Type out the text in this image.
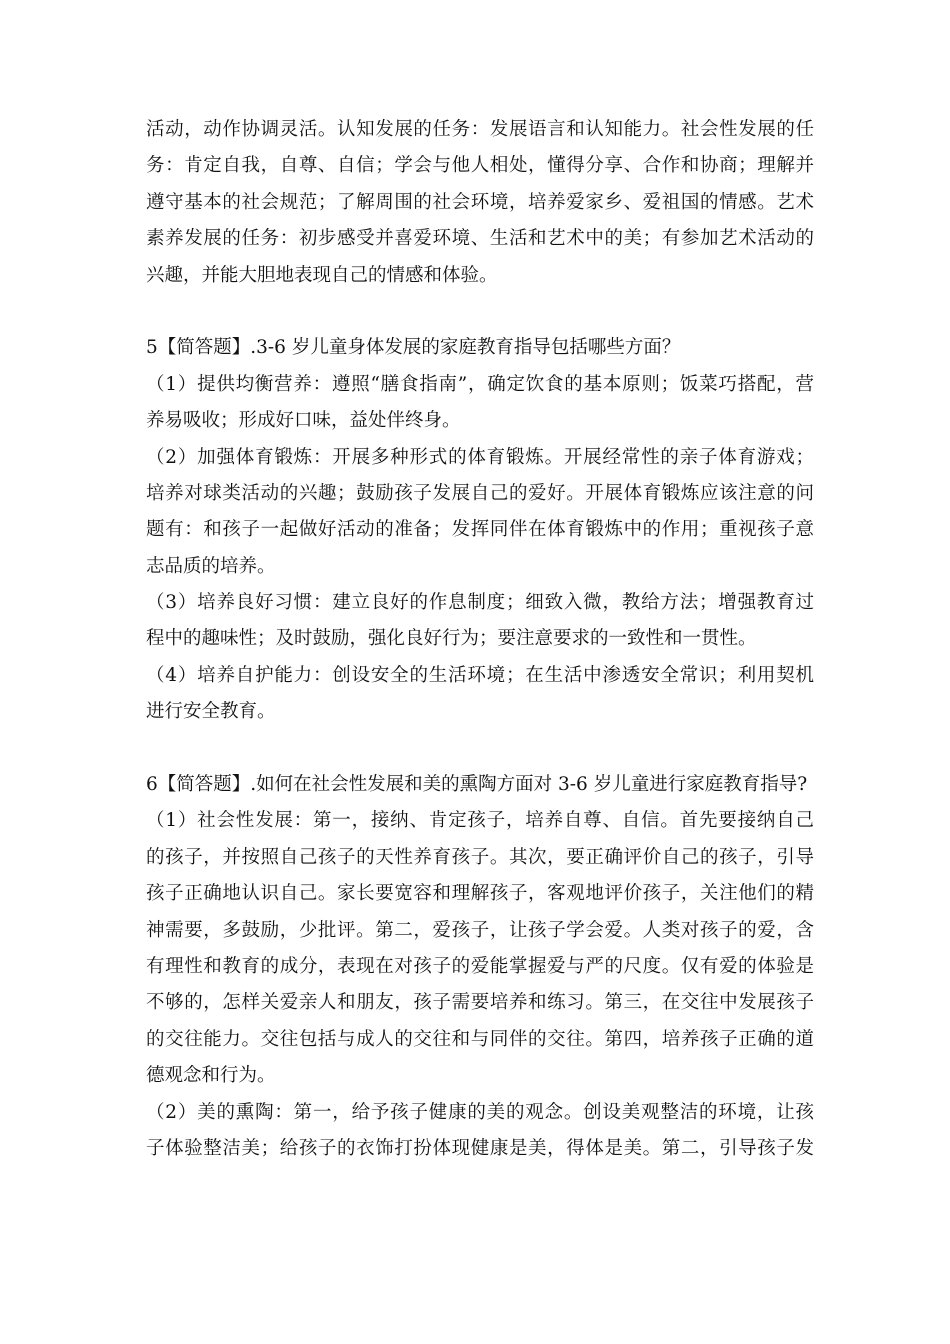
活动，动作协调灵活。认知发展的任务：发展语言和认知能力。社会性发展的任
务：肯定自我，自尊、自信；学会与他人相处，懂得分享、合作和协商；理解并
遵守基本的社会规范；了解周围的社会环境，培养爱家乡、爱祖国的情感。艺术
素养发展的任务：初步感受并喜爱环境、生活和艺术中的美；有参加艺术活动的
兴趣，并能大胆地表现自己的情感和体验。
5【简答题】.3-6 岁儿童身体发展的家庭教育指导包括哪些方面？
（1）提供均衡营养：遵照“膳食指南”，确定饮食的基本原则；饭菜巧搭配，营
养易吸收；形成好口味，益处伴终身。
（2）加强体育锻炼：开展多种形式的体育锻炼。开展经常性的亲子体育游戏；
培养对球类活动的兴趣；鼓励孩子发展自己的爱好。开展体育锻炼应该注意的问
题有：和孩子一起做好活动的准备；发挥同伴在体育锻炼中的作用；重视孩子意
志品质的培养。
（3）培养良好习惯：建立良好的作息制度；细致入微，教给方法；增强教育过
程中的趣味性；及时鼓励，强化良好行为；要注意要求的一致性和一贯性。
（4）培养自护能力：创设安全的生活环境；在生活中渗透安全常识；利用契机
进行安全教育。
6【简答题】.如何在社会性发展和美的熏陶方面对 3-6 岁儿童进行家庭教育指导?
（1）社会性发展：第一，接纳、肯定孩子，培养自尊、自信。首先要接纳自己
的孩子，并按照自己孩子的天性养育孩子。其次，要正确评价自己的孩子，引导
孩子正确地认识自己。家长要宽容和理解孩子，客观地评价孩子，关注他们的精
神需要，多鼓励，少批评。第二，爱孩子，让孩子学会爱。人类对孩子的爱，含
有理性和教育的成分，表现在对孩子的爱能掌握爱与严的尺度。仅有爱的体验是
不够的，怎样关爱亲人和朋友，孩子需要培养和练习。第三，在交往中发展孩子
的交往能力。交往包括与成人的交往和与同伴的交往。第四，培养孩子正确的道
德观念和行为。
（2）美的熏陶：第一，给予孩子健康的美的观念。创设美观整洁的环境，让孩
子体验整洁美；给孩子的衣饰打扮体现健康是美，得体是美。第二，引导孩子发
